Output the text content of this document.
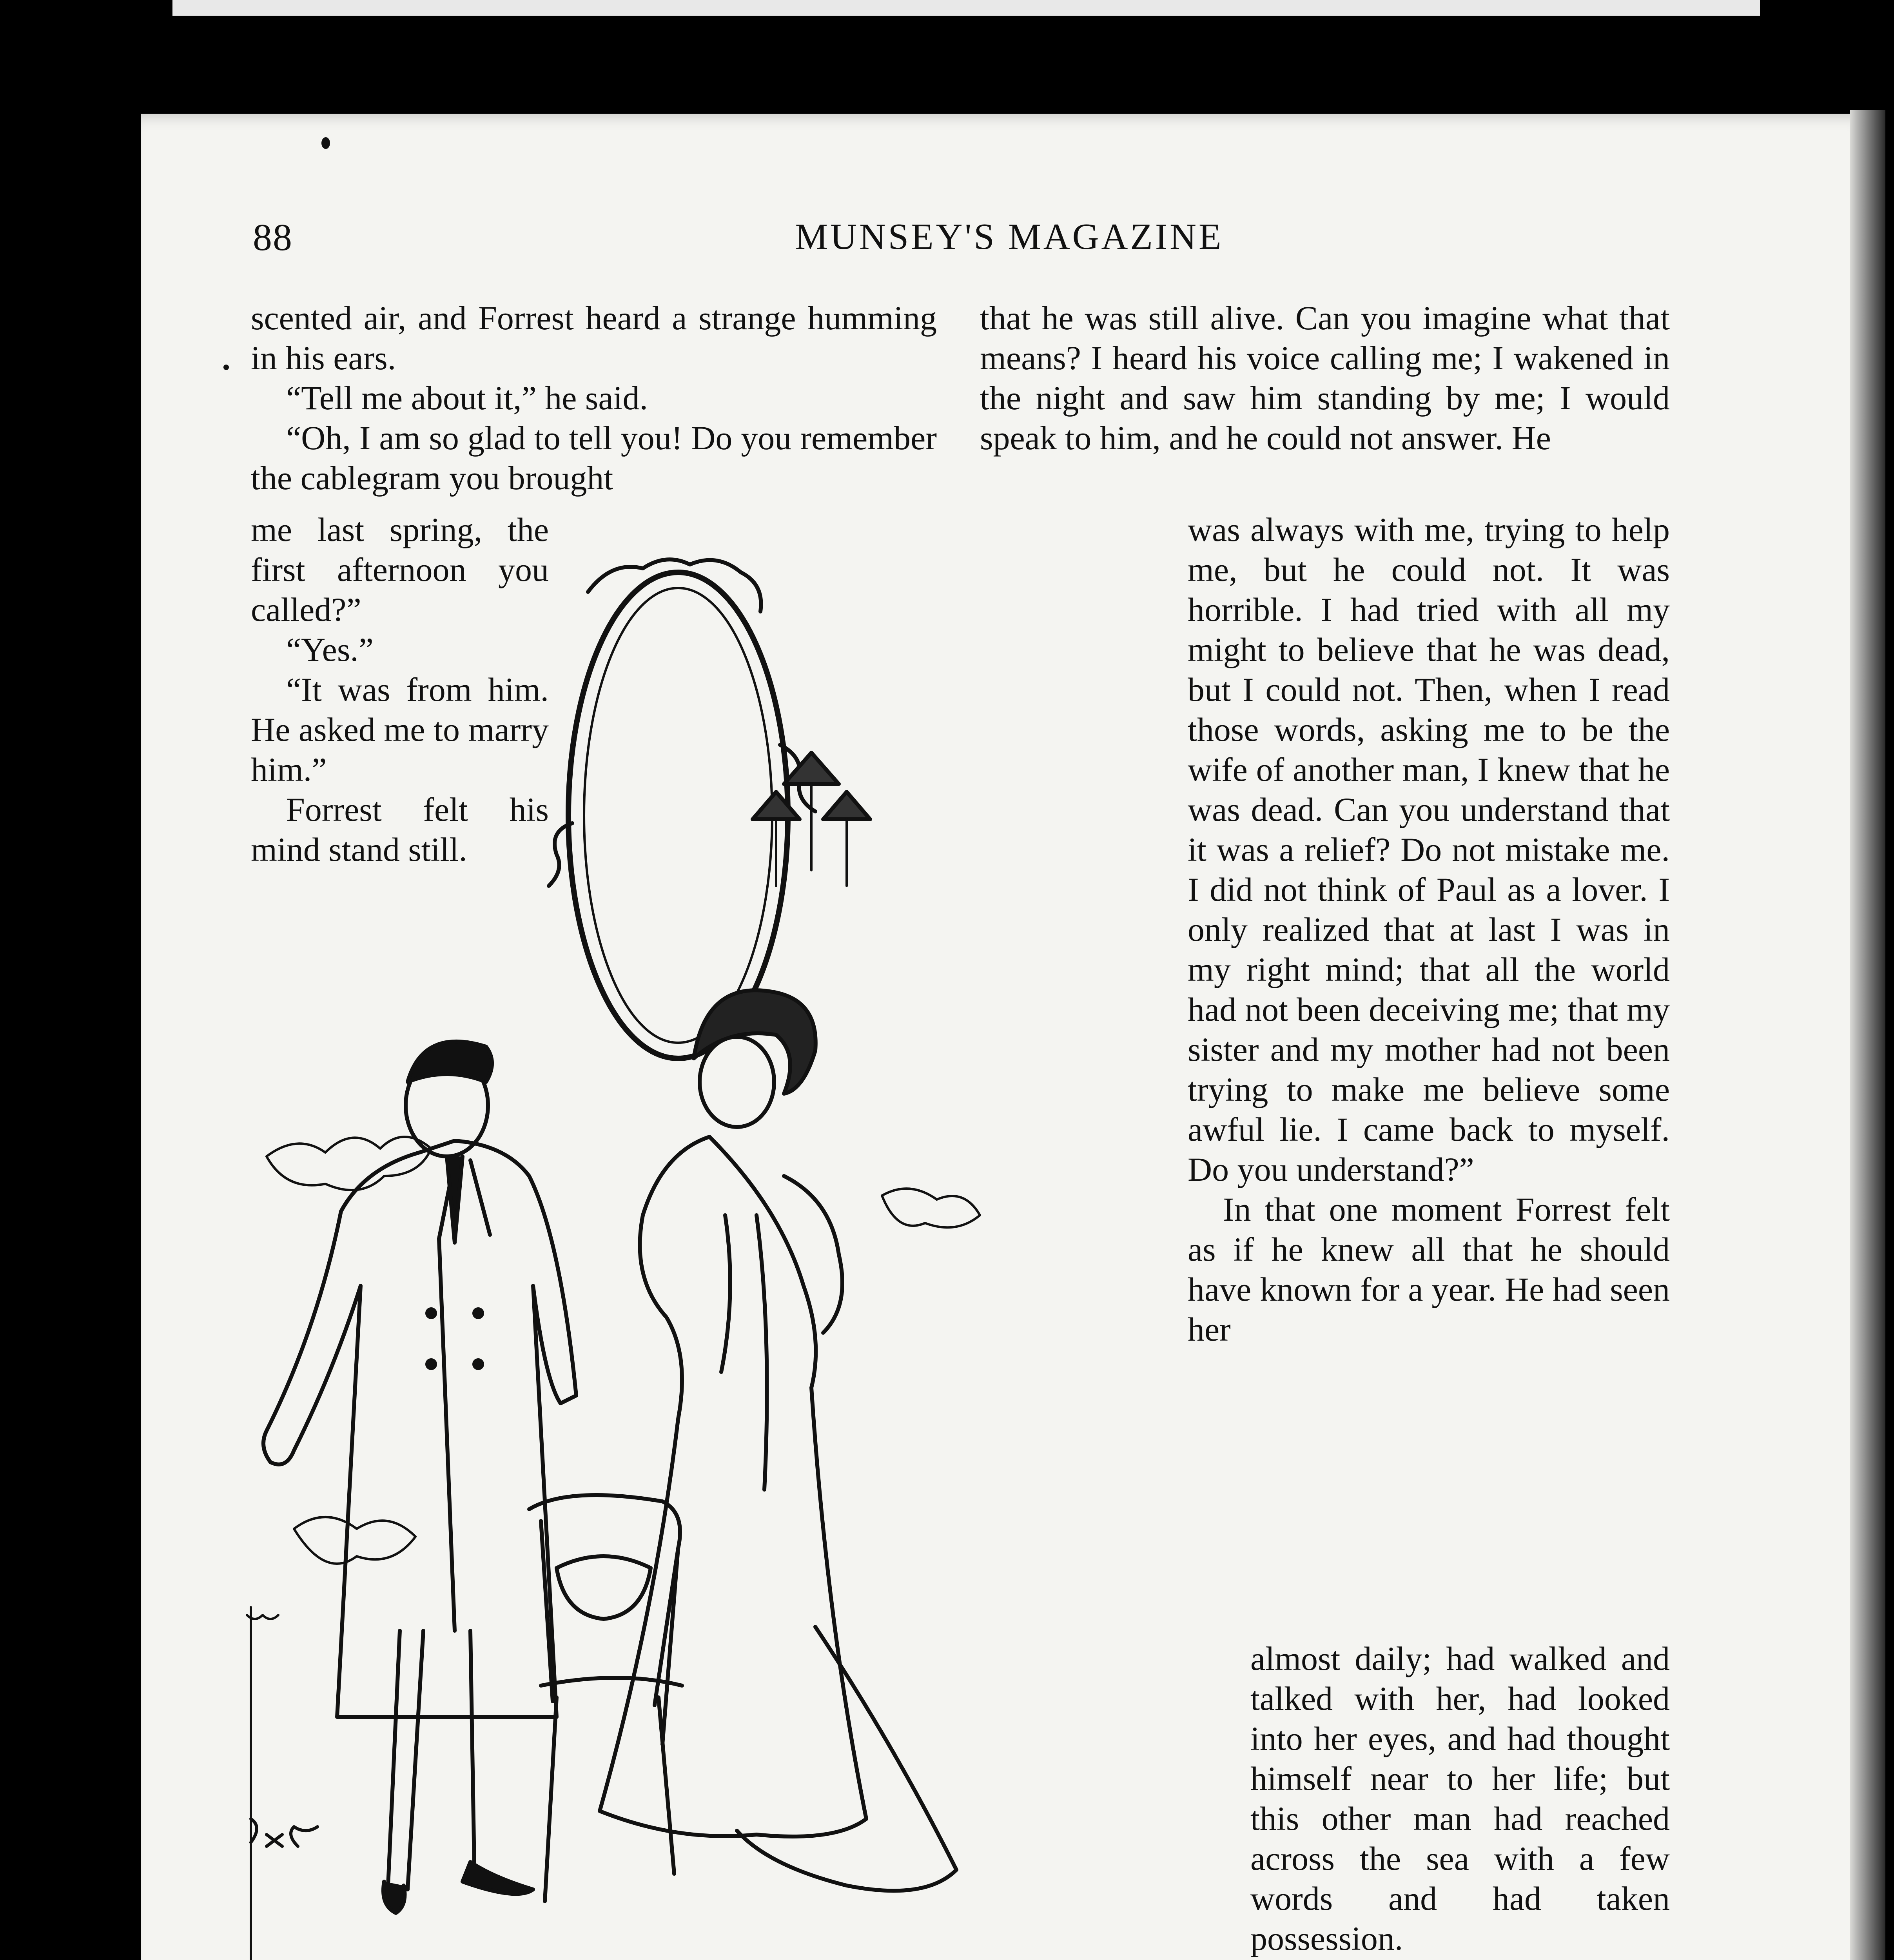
88	MUNSEY'S MAGAZINE

scented air, and Forrest heard a strange humming in his ears.

“Tell me about it,” he said.

“Oh, I am so glad to tell you! Do you remember the cablegram you brought

me last spring, the first afternoon you called?”

“Yes.”

“It was from him. He asked me to marry him.”

Forrest felt his mind stand still.

that he was still alive. Can you imagine what that means? I heard his voice calling me; I wakened in the night and saw him standing by me; I would speak to him, and he could not answer. He

was always with me, trying to help me, but he could not. It was horrible. I had tried with all my might to believe that he was dead, but I could not. Then, when I read those words, asking me to be the wife of another man, I knew that he was dead. Can you understand that it was a relief? Do not mistake me. I did not think of Paul as a lover. I only realized that at last I was in my right mind; that all the world had not been deceiving me; that my sister and my mother had not been trying to make me believe some awful lie. I came back to myself. Do you understand?”

In that one moment Forrest felt as if he knew all that he should have known for a year. He had seen her

almost daily; had walked and talked with her, had looked into her eyes, and had thought himself near to her life; but this other man had reached across the sea with a few words and had taken possession.
